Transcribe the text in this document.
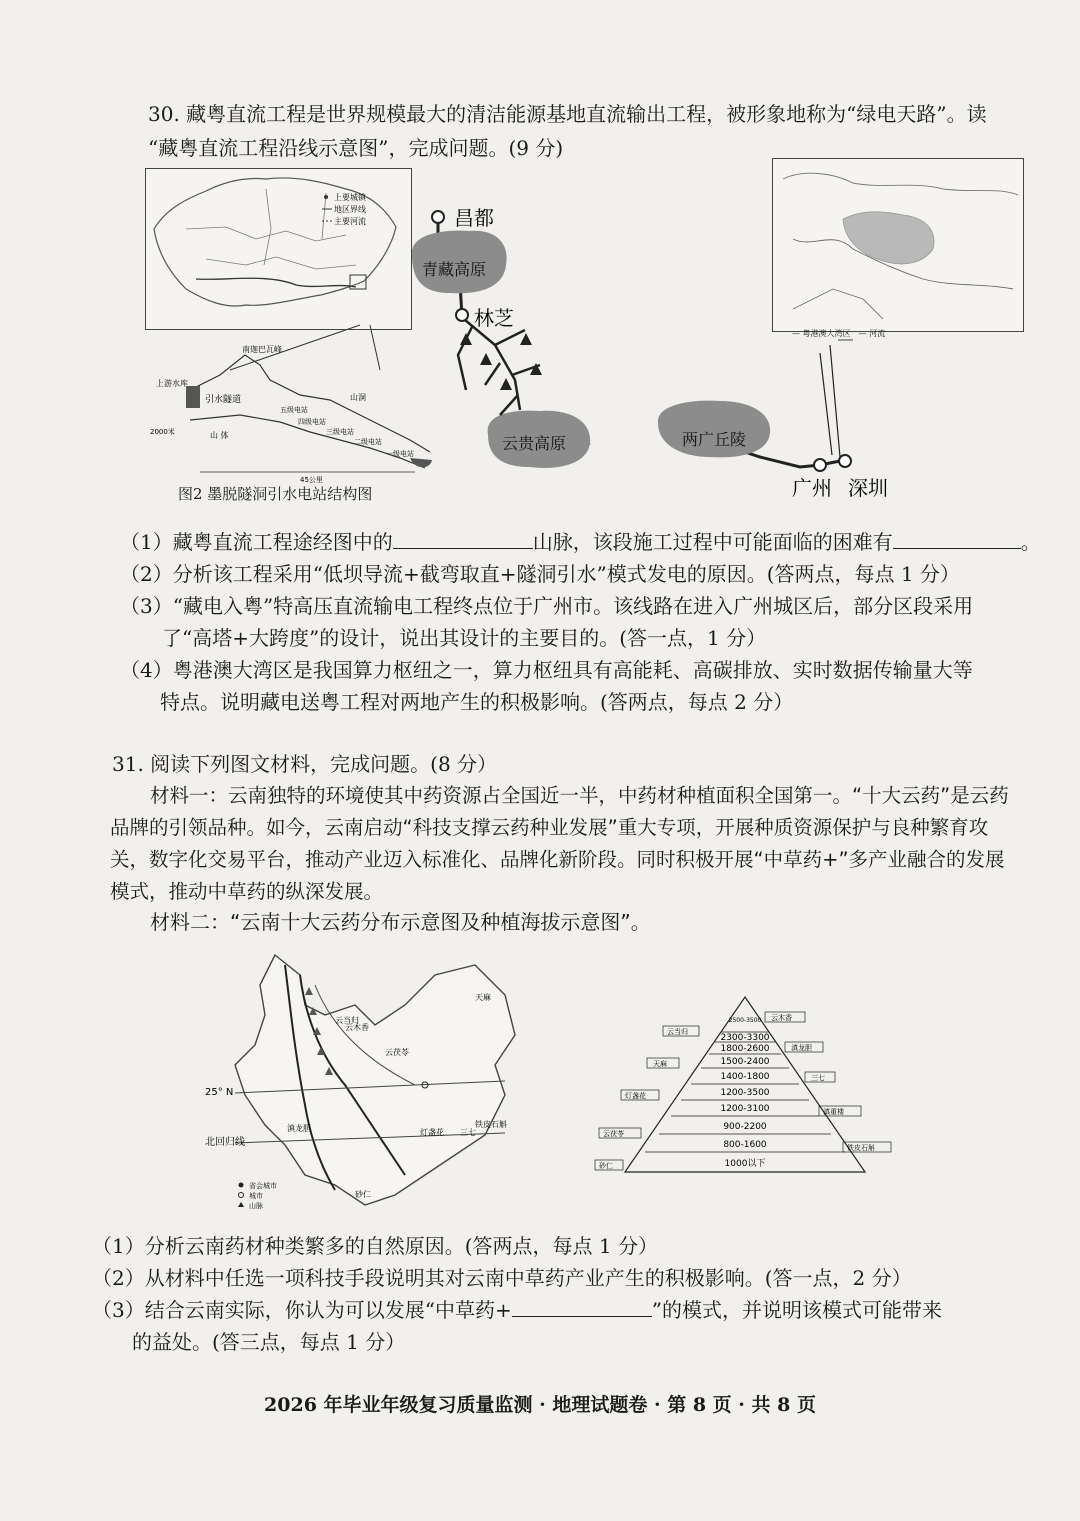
30. 藏粤直流工程是世界规模最大的清洁能源基地直流输出工程，被形象地称为“绿电天路”。读
“藏粤直流工程沿线示意图”，完成问题。(9 分)
上要城镇
地区界线
主要河流
— 粤港澳大湾区　— 河流
昌都
青藏高原
林芝
云贵高原	两广丘陵
广州 深圳
上游水库
南迦巴瓦峰
引水隧道	山洞
五级电站
四级电站
三级电站
二级电站
一级电站
山 体
2000米
45公里
图2 墨脱隧洞引水电站结构图
（1）藏粤直流工程途经图中的	山脉，该段施工过程中可能面临的困难有	。
（2）分析该工程采用“低坝导流+截弯取直+隧洞引水”模式发电的原因。(答两点，每点 1 分）
（3）“藏电入粤”特高压直流输电工程终点位于广州市。该线路在进入广州城区后，部分区段采用
了“高塔+大跨度”的设计，说出其设计的主要目的。(答一点，1 分）
（4）粤港澳大湾区是我国算力枢纽之一，算力枢纽具有高能耗、高碳排放、实时数据传输量大等
特点。说明藏电送粤工程对两地产生的积极影响。(答两点，每点 2 分）
31. 阅读下列图文材料，完成问题。(8 分）
材料一：云南独特的环境使其中药资源占全国近一半，中药材种植面积全国第一。“十大云药”是云药品牌的引领品种。如今，云南启动“科技支撑云药种业发展”重大专项，开展种质资源保护与良种繁育攻关，数字化交易平台，推动产业迈入标准化、品牌化新阶段。同时积极开展“中草药+”多产业融合的发展模式，推动中草药的纵深发展。
材料二：“云南十大云药分布示意图及种植海拔示意图”。
25° N
北回归线
天麻
云木香
云当归
云茯苓
滇龙胆	灯盏花 三七
铁皮石斛
砂仁
省会城市
城市
山脉
2500-3500
2300-3300
1800-2600
1500-2400
1400-1800
1200-3500
1200-3100
900-2200
800-1600
1000以下
云当归
天麻
灯盏花
云茯苓
砂仁
云木香
滇龙胆
三七
滇重楼
铁皮石斛
（1）分析云南药材种类繁多的自然原因。(答两点，每点 1 分）
（2）从材料中任选一项科技手段说明其对云南中草药产业产生的积极影响。(答一点，2 分）
（3）结合云南实际，你认为可以发展“中草药+	”的模式，并说明该模式可能带来
的益处。(答三点，每点 1 分）
2026 年毕业年级复习质量监测 · 地理试题卷 · 第 8 页 · 共 8 页
